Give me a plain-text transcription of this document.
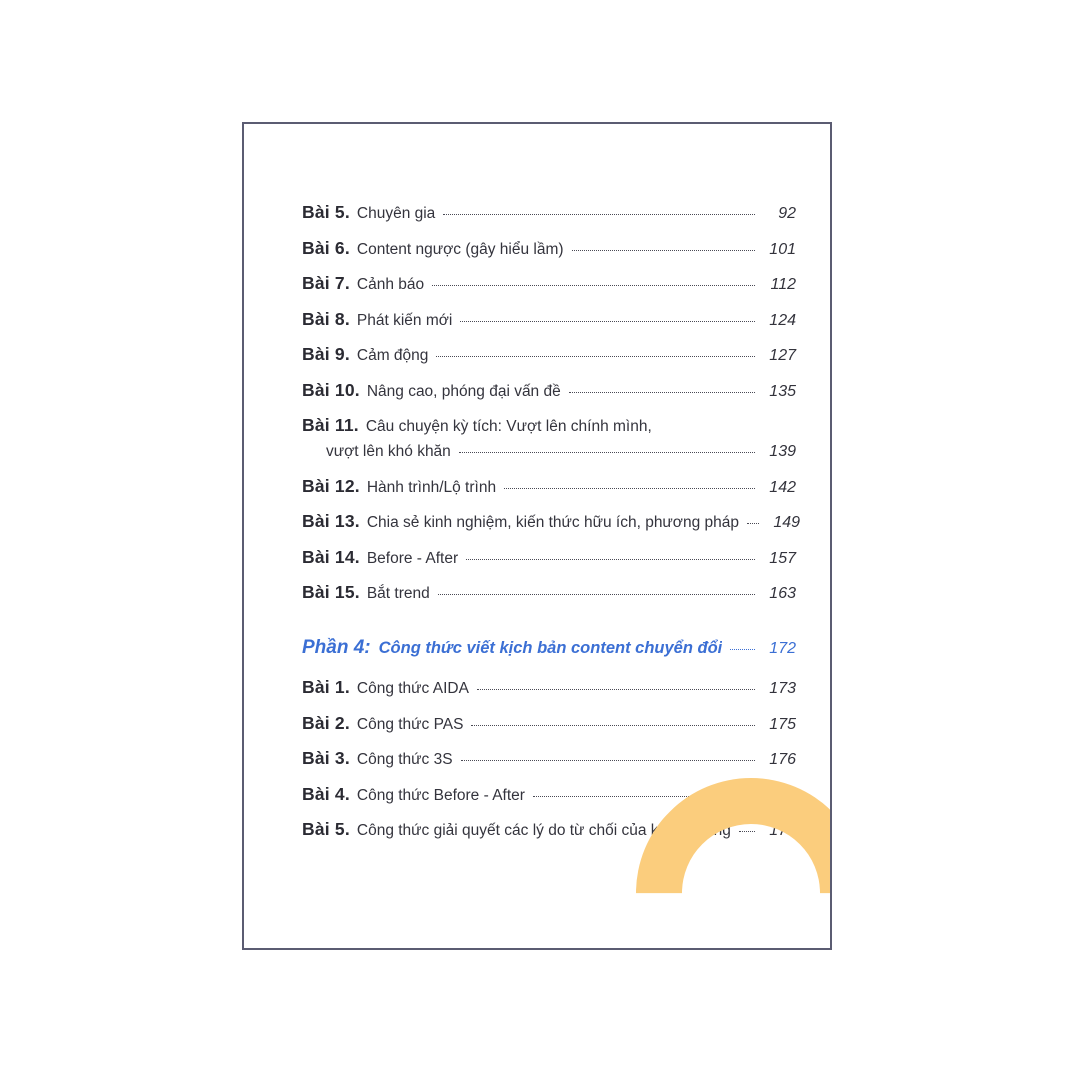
Bài 5. Chuyên gia	92
Bài 6. Content ngược (gây hiểu lầm)	101
Bài 7. Cảnh báo	112
Bài 8. Phát kiến mới	124
Bài 9. Cảm động	127
Bài 10. Nâng cao, phóng đại vấn đề	135
Bài 11. Câu chuyện kỳ tích: Vượt lên chính mình,
vượt lên khó khăn	139
Bài 12. Hành trình/Lộ trình	142
Bài 13. Chia sẻ kinh nghiệm, kiến thức hữu ích, phương pháp	149
Bài 14. Before - After	157
Bài 15. Bắt trend	163
Phần 4: Công thức viết kịch bản content chuyển đổi	172
Bài 1. Công thức AIDA	173
Bài 2. Công thức PAS	175
Bài 3. Công thức 3S	176
Bài 4. Công thức Before - After	177
Bài 5. Công thức giải quyết các lý do từ chối của khách hàng	179
